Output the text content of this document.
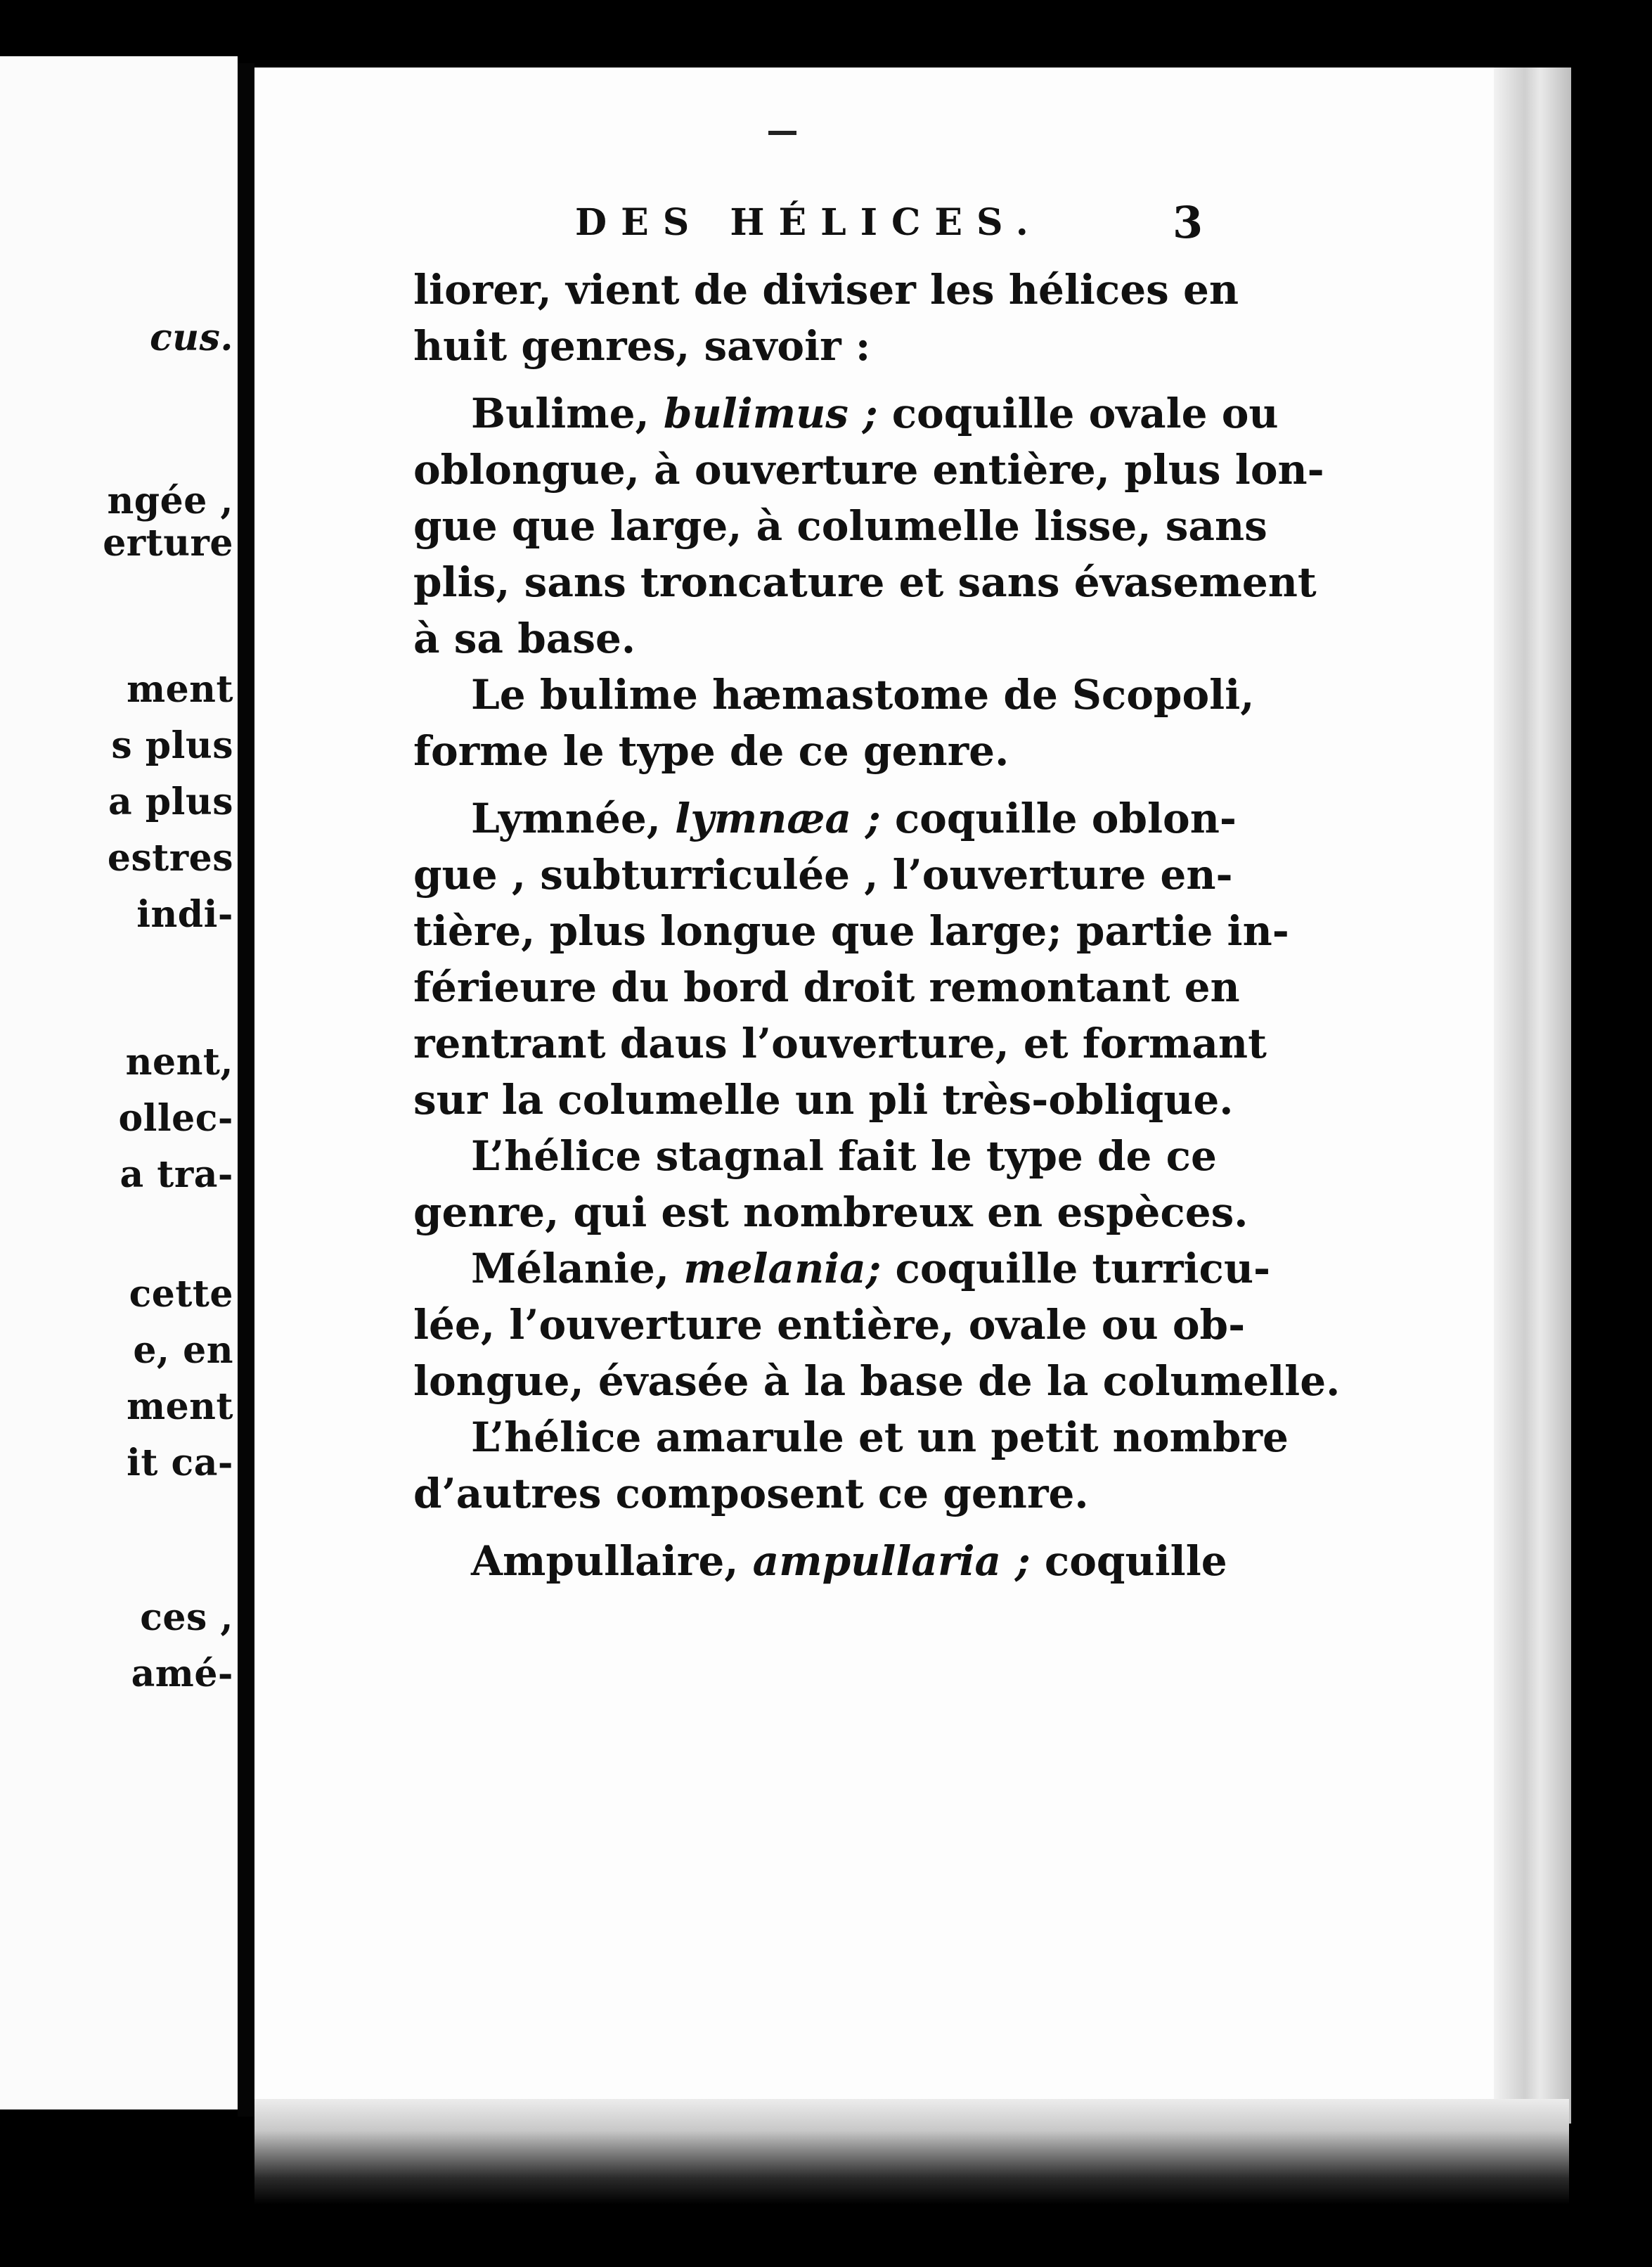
cus.
ngée ,
erture
ment
s plus
a plus
estres
indi-
nent,
ollec-
a tra-
cette
e, en
ment
it ca-
ces ,
amé-
DES HÉLICES.	3
liorer, vient de diviser les hélices en
huit genres, savoir :
Bulime, bulimus ; coquille ovale ou
oblongue, à ouverture entière, plus lon-
gue que large, à columelle lisse, sans
plis, sans troncature et sans évasement
à sa base.
Le bulime hæmastome de Scopoli,
forme le type de ce genre.
Lymnée, lymnæa ; coquille oblon-
gue , subturriculée , l’ouverture en-
tière, plus longue que large; partie in-
férieure du bord droit remontant en
rentrant daus l’ouverture, et formant
sur la columelle un pli très-oblique.
L’hélice stagnal fait le type de ce
genre, qui est nombreux en espèces.
Mélanie, melania; coquille turricu-
lée, l’ouverture entière, ovale ou ob-
longue, évasée à la base de la columelle.
L’hélice amarule et un petit nombre
d’autres composent ce genre.
Ampullaire, ampullaria ; coquille
